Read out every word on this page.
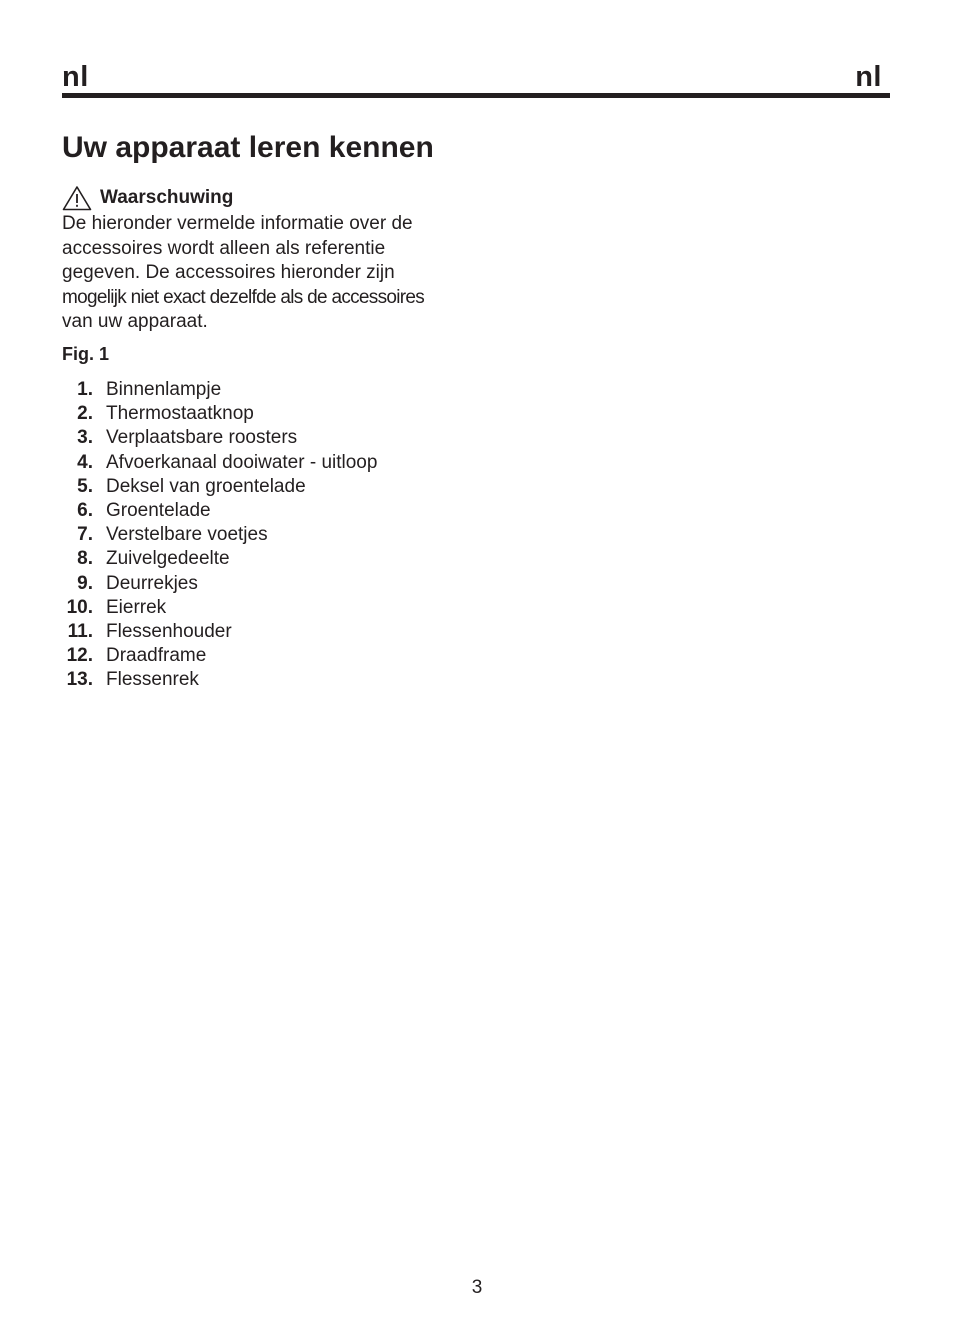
nl	nl
Uw apparaat leren kennen
Waarschuwing

De hieronder vermelde informatie over de
accessoires wordt alleen als referentie
gegeven. De accessoires hieronder zijn
mogelijk niet exact dezelfde als de accessoires
van uw apparaat.

Fig. 1
1. Binnenlampje
2. Thermostaatknop
3. Verplaatsbare roosters
4. Afvoerkanaal dooiwater - uitloop
5. Deksel van groentelade
6. Groentelade
7. Verstelbare voetjes
8. Zuivelgedeelte
9. Deurrekjes
10. Eierrek
11. Flessenhouder
12. Draadframe
13. Flessenrek
3
